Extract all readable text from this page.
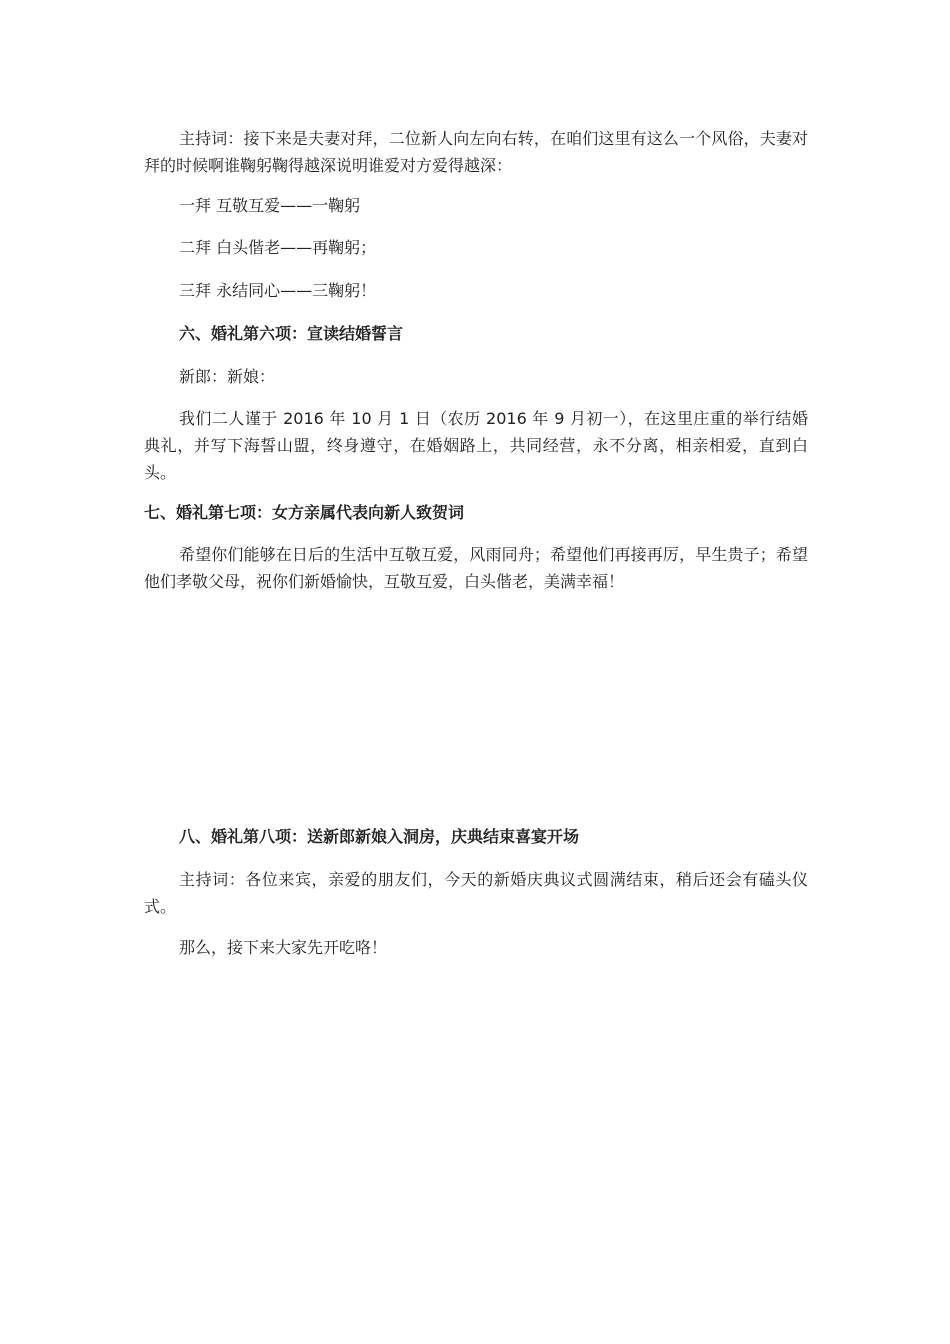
主持词：接下来是夫妻对拜，二位新人向左向右转，在咱们这里有这么一个风俗，夫妻对拜的时候啊谁鞠躬鞠得越深说明谁爱对方爱得越深：

一拜 互敬互爱——一鞠躬

二拜 白头偕老——再鞠躬；

三拜 永结同心——三鞠躬！

六、婚礼第六项：宣读结婚誓言

新郎：新娘：

我们二人谨于 2016 年 10 月 1 日（农历 2016 年 9 月初一），在这里庄重的举行结婚典礼，并写下海誓山盟，终身遵守，在婚姻路上，共同经营，永不分离，相亲相爱，直到白头。

七、婚礼第七项：女方亲属代表向新人致贺词

希望你们能够在日后的生活中互敬互爱，风雨同舟；希望他们再接再厉，早生贵子；希望他们孝敬父母，祝你们新婚愉快，互敬互爱，白头偕老，美满幸福！

八、婚礼第八项：送新郎新娘入洞房，庆典结束喜宴开场

主持词：各位来宾，亲爱的朋友们，今天的新婚庆典议式圆满结束，稍后还会有磕头仪式。

那么，接下来大家先开吃咯！
